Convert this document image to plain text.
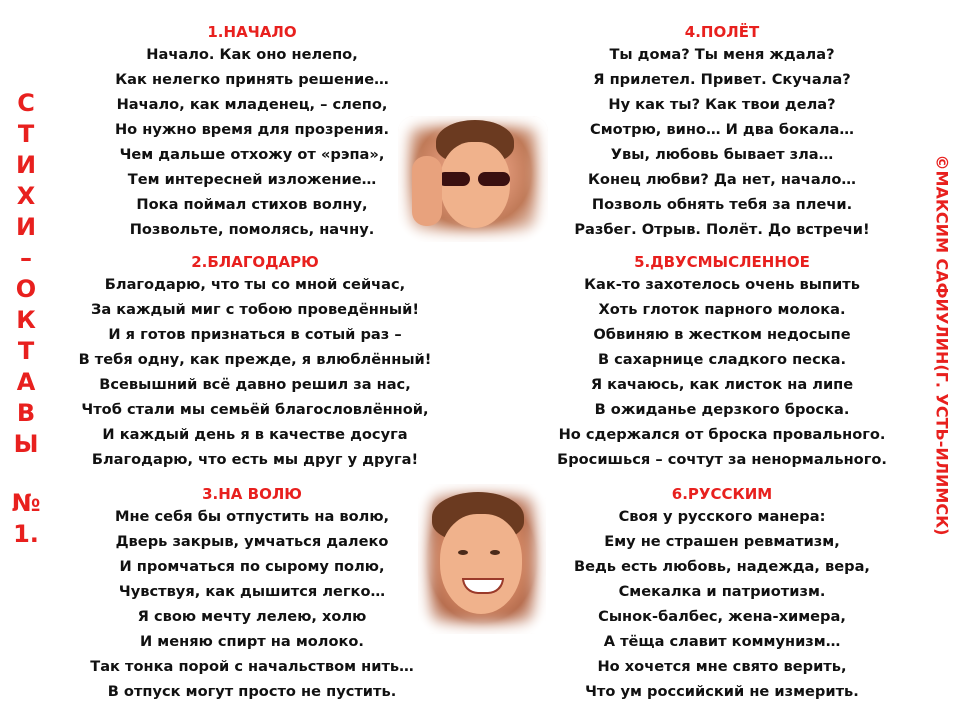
С
Т
И
Х
И
–
О
К
Т
А
В
Ы
№
1.	©МАКСИМ САФИУЛИН(Г. УСТЬ-ИЛИМСК)
1.НАЧАЛО
Начало. Как оно нелепо,
Как нелегко принять решение…
Начало, как младенец, – слепо,
Но нужно время для прозрения.
Чем дальше отхожу от «рэпа»,
Тем интересней изложение…
Пока поймал стихов волну,
Позвольте, помолясь, начну.
2.БЛАГОДАРЮ
Благодарю, что ты со мной сейчас,
За каждый миг с тобою проведённый!
И я готов признаться в сотый раз –
В тебя одну, как прежде, я влюблённый!
Всевышний всё давно решил за нас,
Чтоб стали мы семьёй благословлённой,
И каждый день я в качестве досуга
Благодарю, что есть мы друг у друга!
3.НА ВОЛЮ
Мне себя бы отпустить на волю,
Дверь закрыв, умчаться далеко
И промчаться по сырому полю,
Чувствуя, как дышится легко…
Я свою мечту лелею, холю
И меняю спирт на молоко.
Так тонка порой с начальством нить…
В отпуск могут просто не пустить.
4.ПОЛЁТ
Ты дома? Ты меня ждала?
Я прилетел. Привет. Скучала?
Ну как ты? Как твои дела?
Смотрю, вино… И два бокала…
Увы, любовь бывает зла…
Конец любви? Да нет, начало…
Позволь обнять тебя за плечи.
Разбег. Отрыв. Полёт. До встречи!
5.ДВУСМЫСЛЕННОЕ
Как-то захотелось очень выпить
Хоть глоток парного молока.
Обвиняю в жестком недосыпе
В сахарнице сладкого песка.
Я качаюсь, как листок на липе
В ожиданье дерзкого броска.
Но сдержался от броска провального.
Бросишься – сочтут за ненормального.
6.РУССКИМ
Своя у русского манера:
Ему не страшен ревматизм,
Ведь есть любовь, надежда, вера,
Смекалка и патриотизм.
Сынок-балбес, жена-химера,
А тёща славит коммунизм…
Но хочется мне свято верить,
Что ум российский не измерить.
